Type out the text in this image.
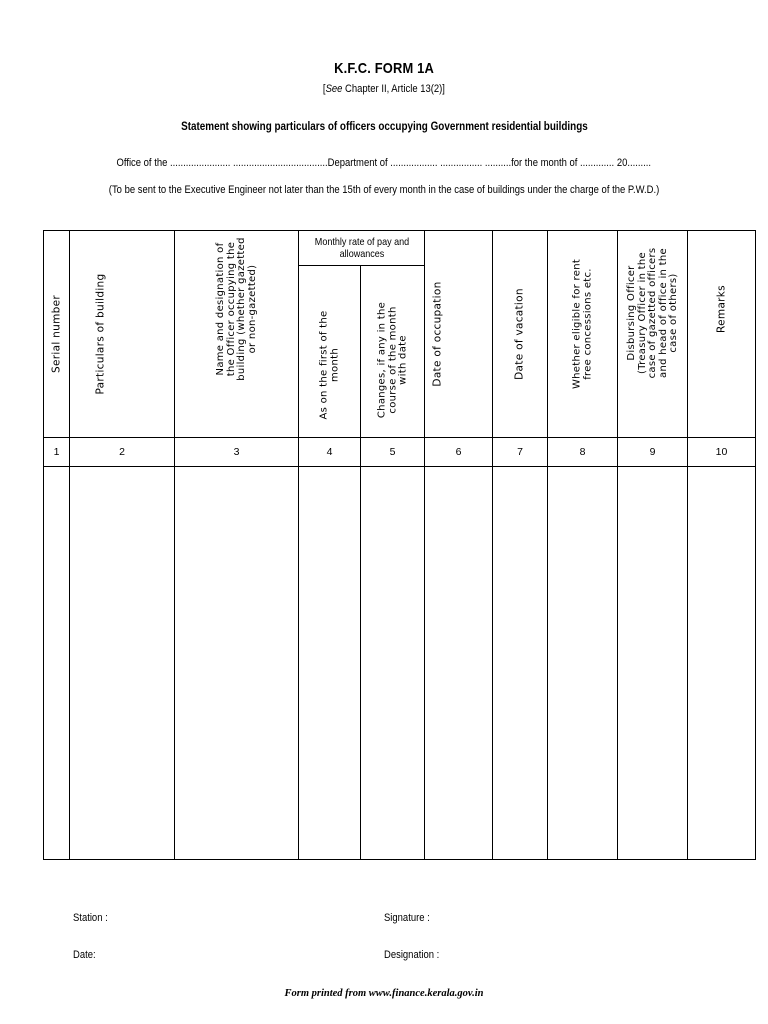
K.F.C. FORM 1A
[See Chapter II, Article 13(2)]
Statement showing particulars of officers occupying Government residential buildings
Office of the ....................... ....................................Department of .................. ................ ..........for the month of ............. 20.........
(To be sent to the Executive Engineer not later than the 15th of every month in the case of buildings under the charge of the P.W.D.)
Serial number	Particulars of building	Name and designation of
the Officer occupying the
building (whether gazetted
or non-gazetted)	Monthly rate of pay and allowances		Date of occupation	Date of vacation	Whether eligible for rent
free concessions etc.	Disbursing Officer
(Treasury Officer in the
case of gazetted officers
and head of office in the
case of others)	Remarks

			As on the first of the
month	Changes, if any in the
course of the month
with date					

1	2	3	4	5	6	7	8	9	10

Station :
Date:
Signature :
Designation :
Form printed from www.finance.kerala.gov.in
